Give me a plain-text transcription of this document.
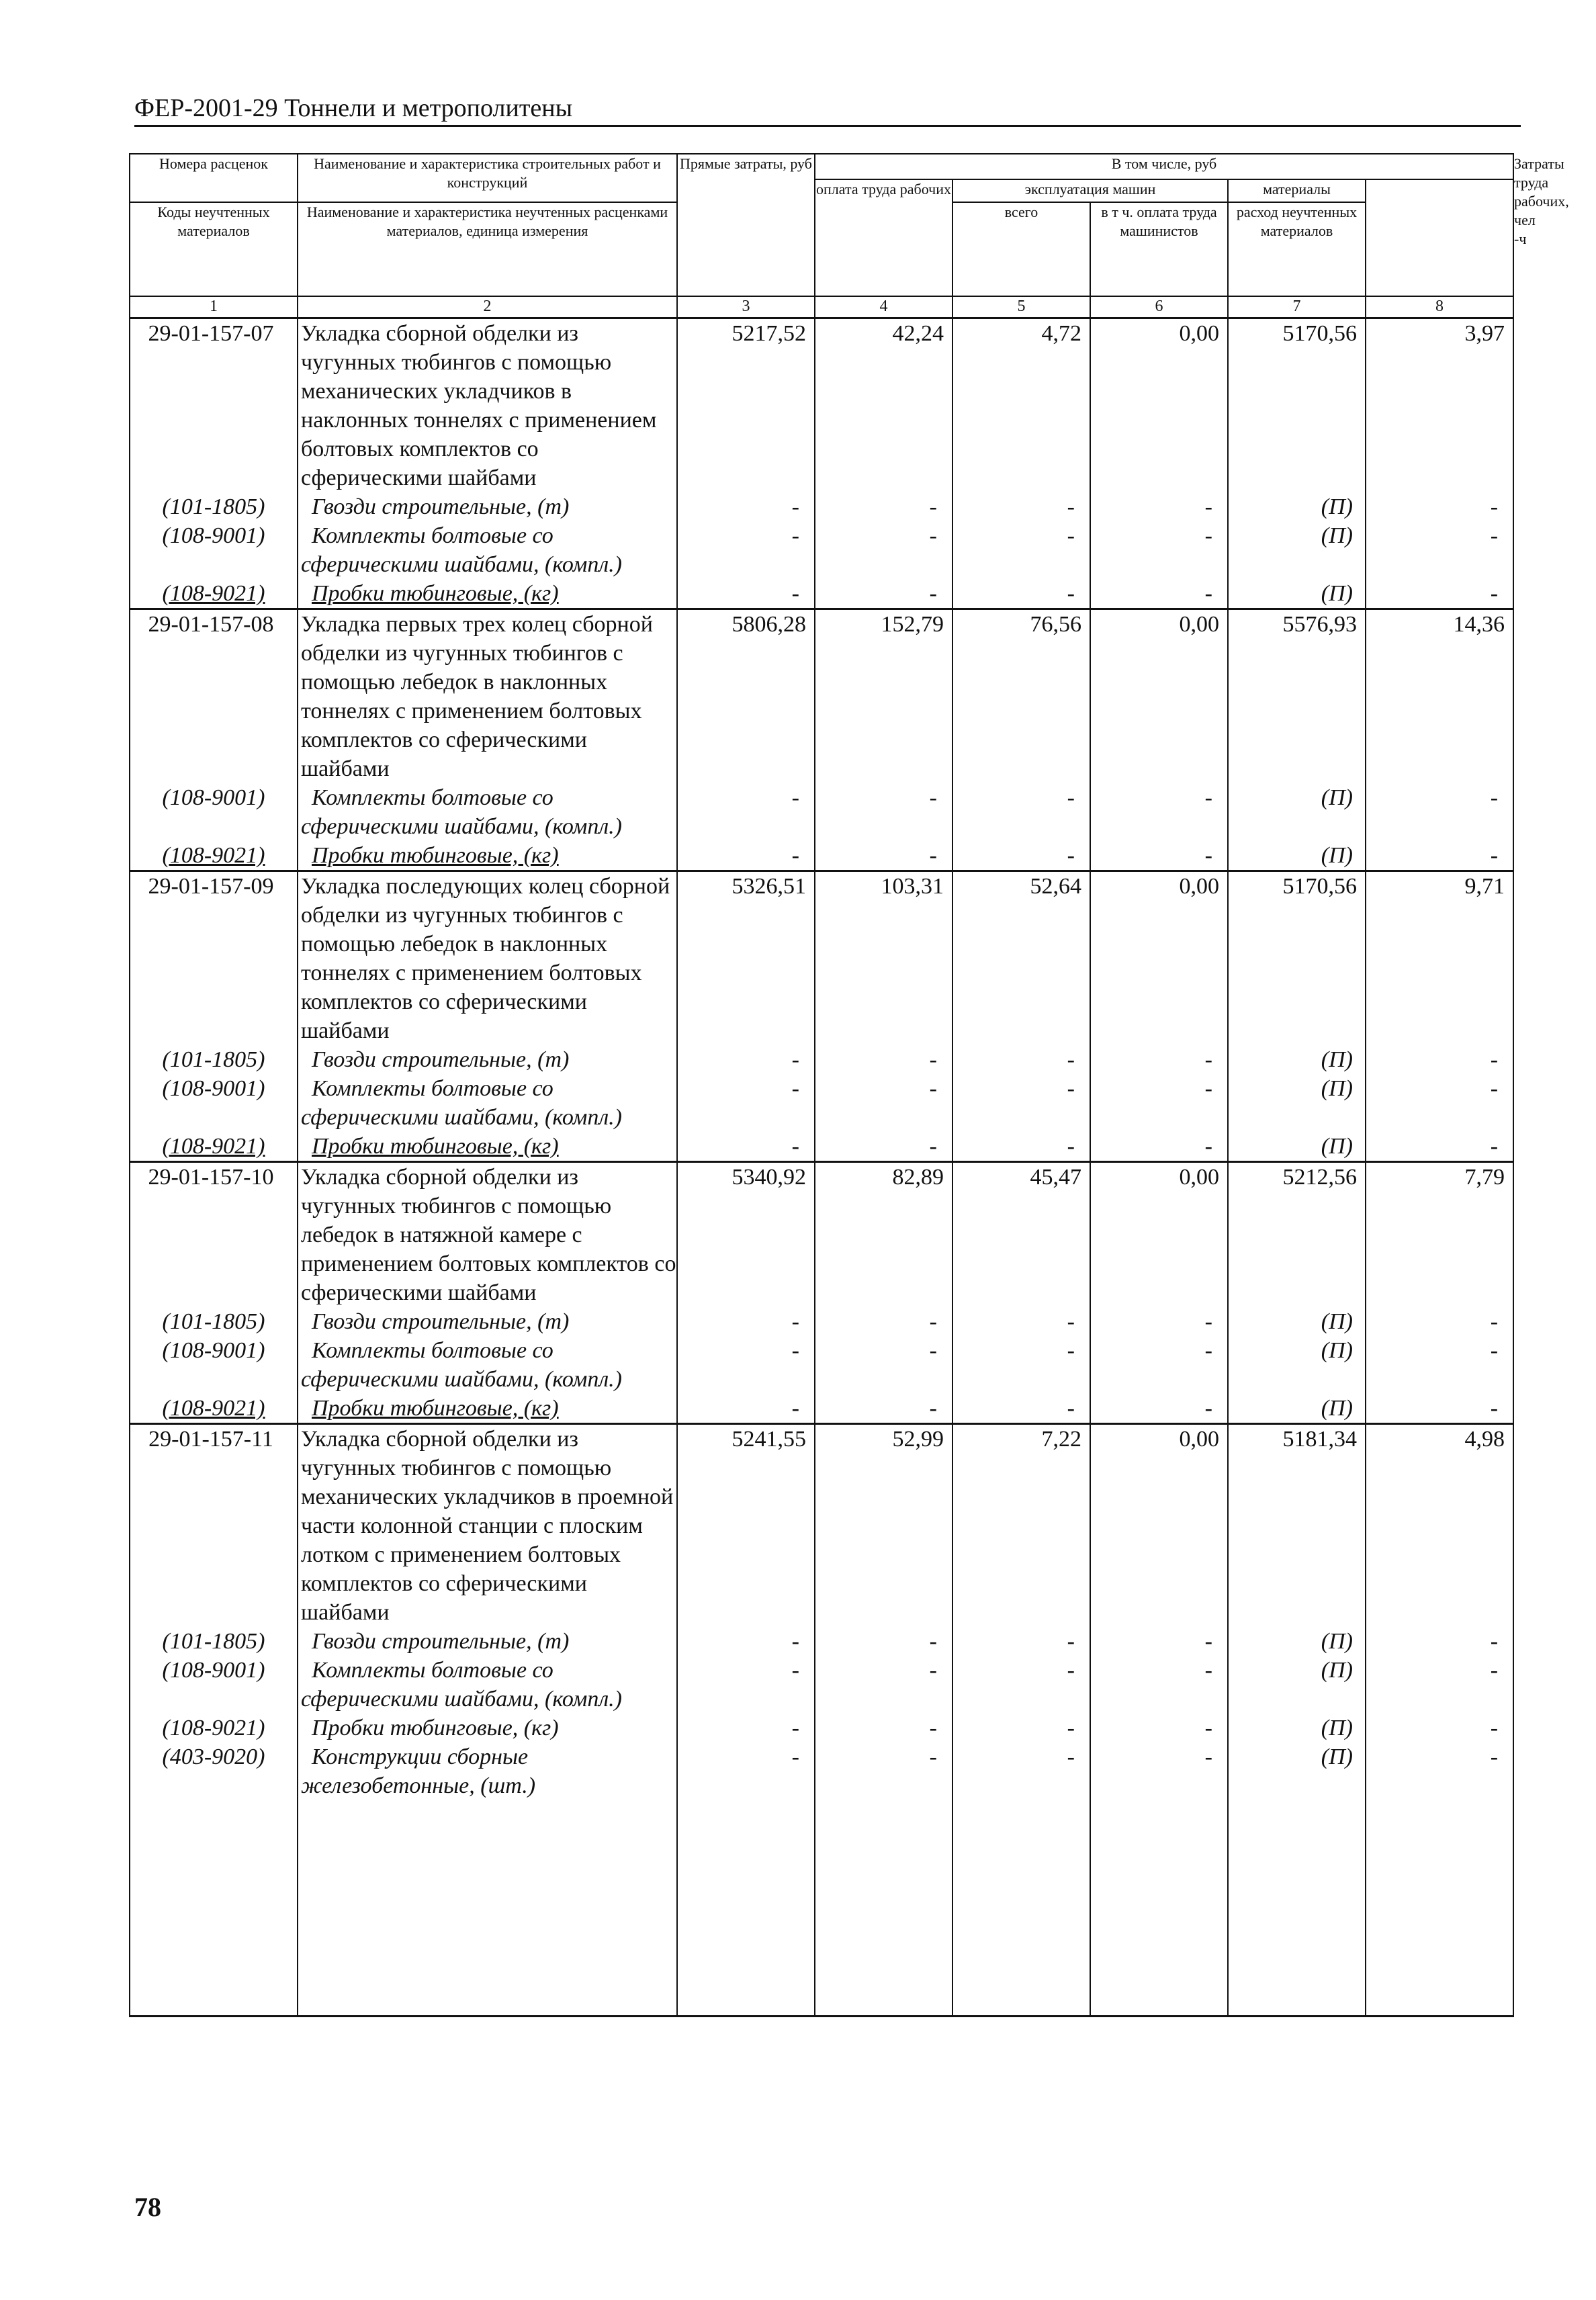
ФЕР-2001-29 Тоннели и метрополитены
Номера расценок	Наименование и характеристика строительных работ и конструкций	Прямые затраты, руб	В том числе, руб					Затраты труда рабочих, чел -ч
			оплата труда рабочих	эксплуатация машин		материалы		
Коды неучтенных материалов	Наименование и характеристика неучтенных расценками материалов, единица измерения			всего	в т ч. оплата труда машинистов	расход неучтенных материалов		

1	2	3	4	5	6	7	8	
29-01-157-07	Укладка сборной обделки из чугунных тюбингов с помощью механических укладчиков в наклонных тоннелях с применением болтовых комплектов со сферическими шайбами	5217,52	42,24	4,72	0,00	5170,56	3,97	
(101-1805)	Гвозди строительные, (т)	-	-	-	-	(П)	-	
(108-9001)	Комплекты болтовые со
сферическими шайбами, (компл.)	-	-	-	-	(П)	-	
(108-9021)	Пробки тюбинговые, (кг)	-	-	-	-	(П)	-	
29-01-157-08	Укладка первых трех колец сборной обделки из чугунных тюбингов с помощью лебедок в наклонных тоннелях с применением болтовых комплектов со сферическими шайбами	5806,28	152,79	76,56	0,00	5576,93	14,36	
(108-9001)	Комплекты болтовые со
сферическими шайбами, (компл.)	-	-	-	-	(П)	-	
(108-9021)	Пробки тюбинговые, (кг)	-	-	-	-	(П)	-	
29-01-157-09	Укладка последующих колец сборной обделки из чугунных тюбингов с помощью лебедок в наклонных тоннелях с применением болтовых комплектов со сферическими шайбами	5326,51	103,31	52,64	0,00	5170,56	9,71	
(101-1805)	Гвозди строительные, (т)	-	-	-	-	(П)	-	
(108-9001)	Комплекты болтовые со
сферическими шайбами, (компл.)	-	-	-	-	(П)	-	
(108-9021)	Пробки тюбинговые, (кг)	-	-	-	-	(П)	-	
29-01-157-10	Укладка сборной обделки из чугунных тюбингов с помощью лебедок в натяжной камере с применением болтовых комплектов со сферическими шайбами	5340,92	82,89	45,47	0,00	5212,56	7,79	
(101-1805)	Гвозди строительные, (т)	-	-	-	-	(П)	-	
(108-9001)	Комплекты болтовые со
сферическими шайбами, (компл.)	-	-	-	-	(П)	-	
(108-9021)	Пробки тюбинговые, (кг)	-	-	-	-	(П)	-	
29-01-157-11	Укладка сборной обделки из чугунных тюбингов с помощью механических укладчиков в проемной части колонной станции с плоским лотком с применением болтовых комплектов со сферическими шайбами	5241,55	52,99	7,22	0,00	5181,34	4,98	
(101-1805)	Гвозди строительные, (т)	-	-	-	-	(П)	-	
(108-9001)	Комплекты болтовые со
сферическими шайбами, (компл.)	-	-	-	-	(П)	-	
(108-9021)	Пробки тюбинговые, (кг)	-	-	-	-	(П)	-	
(403-9020)	Конструкции сборные
железобетонные, (шт.)	-	-	-	-	(П)	-	

78
